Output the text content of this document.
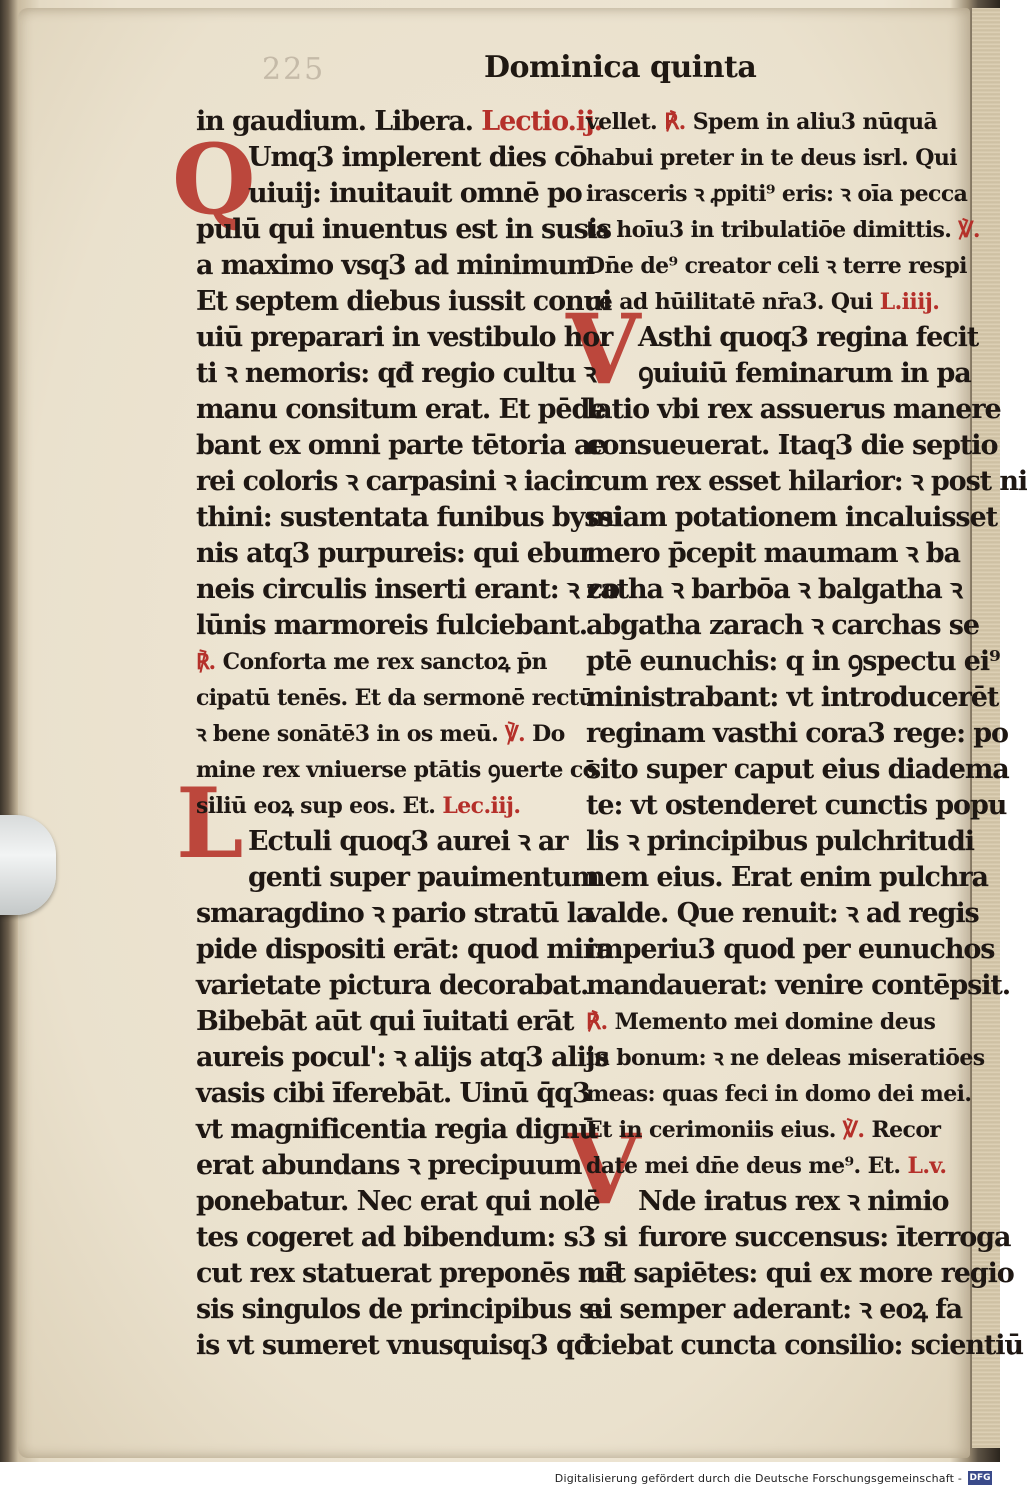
225	Dominica quinta
Q
L
V
V
in gaudium. Libera. Lectio.ij.
Umq3 implerent dies cō
uiuij: inuitauit omnē po
pulū qui inuentus est in susis
a maximo vsq3 ad minimum
Et septem diebus iussit conui
uiū preparari in vestibulo hor
ti ꝛ nemoris: qđ regio cultu ꝛ
manu consitum erat. Et pēde
bant ex omni parte tētoria ae
rei coloris ꝛ carpasini ꝛ iacin
thini: sustentata funibus byssi
nis atq3 purpureis: qui ebur
neis circulis inserti erant: ꝛ co
lūnis marmoreis fulciebant.
℟. Conforta me rex sanctoꝝ p̄n
cipatū tenēs. Et da sermonē rectū
ꝛ bene sonātē3 in os meū. ℣. Do
mine rex vniuerse ptātis ꝯuerte cō
siliū eoꝝ sup eos. Et. Lec.iij.
Ectuli quoq3 aurei ꝛ ar
genti super pauimentum
smaragdino ꝛ pario stratū la
pide dispositi erāt: quod mira
varietate pictura decorabat.
Bibebāt aūt qui īuitati erāt
aureis pocul': ꝛ alijs atq3 alijs
vasis cibi īferebāt. Uinū q̄q3
vt magnificentia regia dignū
erat abundans ꝛ precipuum
ponebatur. Nec erat qui nolē
tes cogeret ad bibendum: s3 si
cut rex statuerat preponēs mē
sis singulos de principibus su
is vt sumeret vnusquisq3 qđ
vellet. ℟. Spem in aliu3 nūquā
habui preter in te deus isrl. Qui
irasceris ꝛ ꝓpiti⁹ eris: ꝛ oīa pecca
ta hoīu3 in tribulatiōe dimittis. ℣.
Dn̄e de⁹ creator celi ꝛ terre respi
ce ad hūilitatē nr̄a3. Qui L.iiij.
Asthi quoq3 regina fecit
ꝯuiuiū feminarum in pa
latio vbi rex assuerus manere
consueuerat. Itaq3 die septio
cum rex esset hilarior: ꝛ post ni
miam potationem incaluisset
mero p̄cepit maumam ꝛ ba
zatha ꝛ barbōa ꝛ balgatha ꝛ
abgatha zarach ꝛ carchas se
ptē eunuchis: q in ꝯspectu ei⁹
ministrabant: vt introducerēt
reginam vasthi cora3 rege: po
sito super caput eius diadema
te: vt ostenderet cunctis popu
lis ꝛ principibus pulchritudi
nem eius. Erat enim pulchra
valde. Que renuit: ꝛ ad regis
imperiu3 quod per eunuchos
mandauerat: venire contēpsit.
℟. Memento mei domine deus
in bonum: ꝛ ne deleas miseratiōes
meas: quas feci in domo dei mei.
Et in cerimoniis eius. ℣. Recor
date mei dn̄e deus me⁹. Et. L.v.
Nde iratus rex ꝛ nimio
furore succensus: īterroga
uit sapiētes: qui ex more regio
ei semper aderant: ꝛ eoꝝ fa
ciebat cuncta consilio: scientiū
Digitalisierung gefördert durch die Deutsche Forschungsgemeinschaft - DFG
